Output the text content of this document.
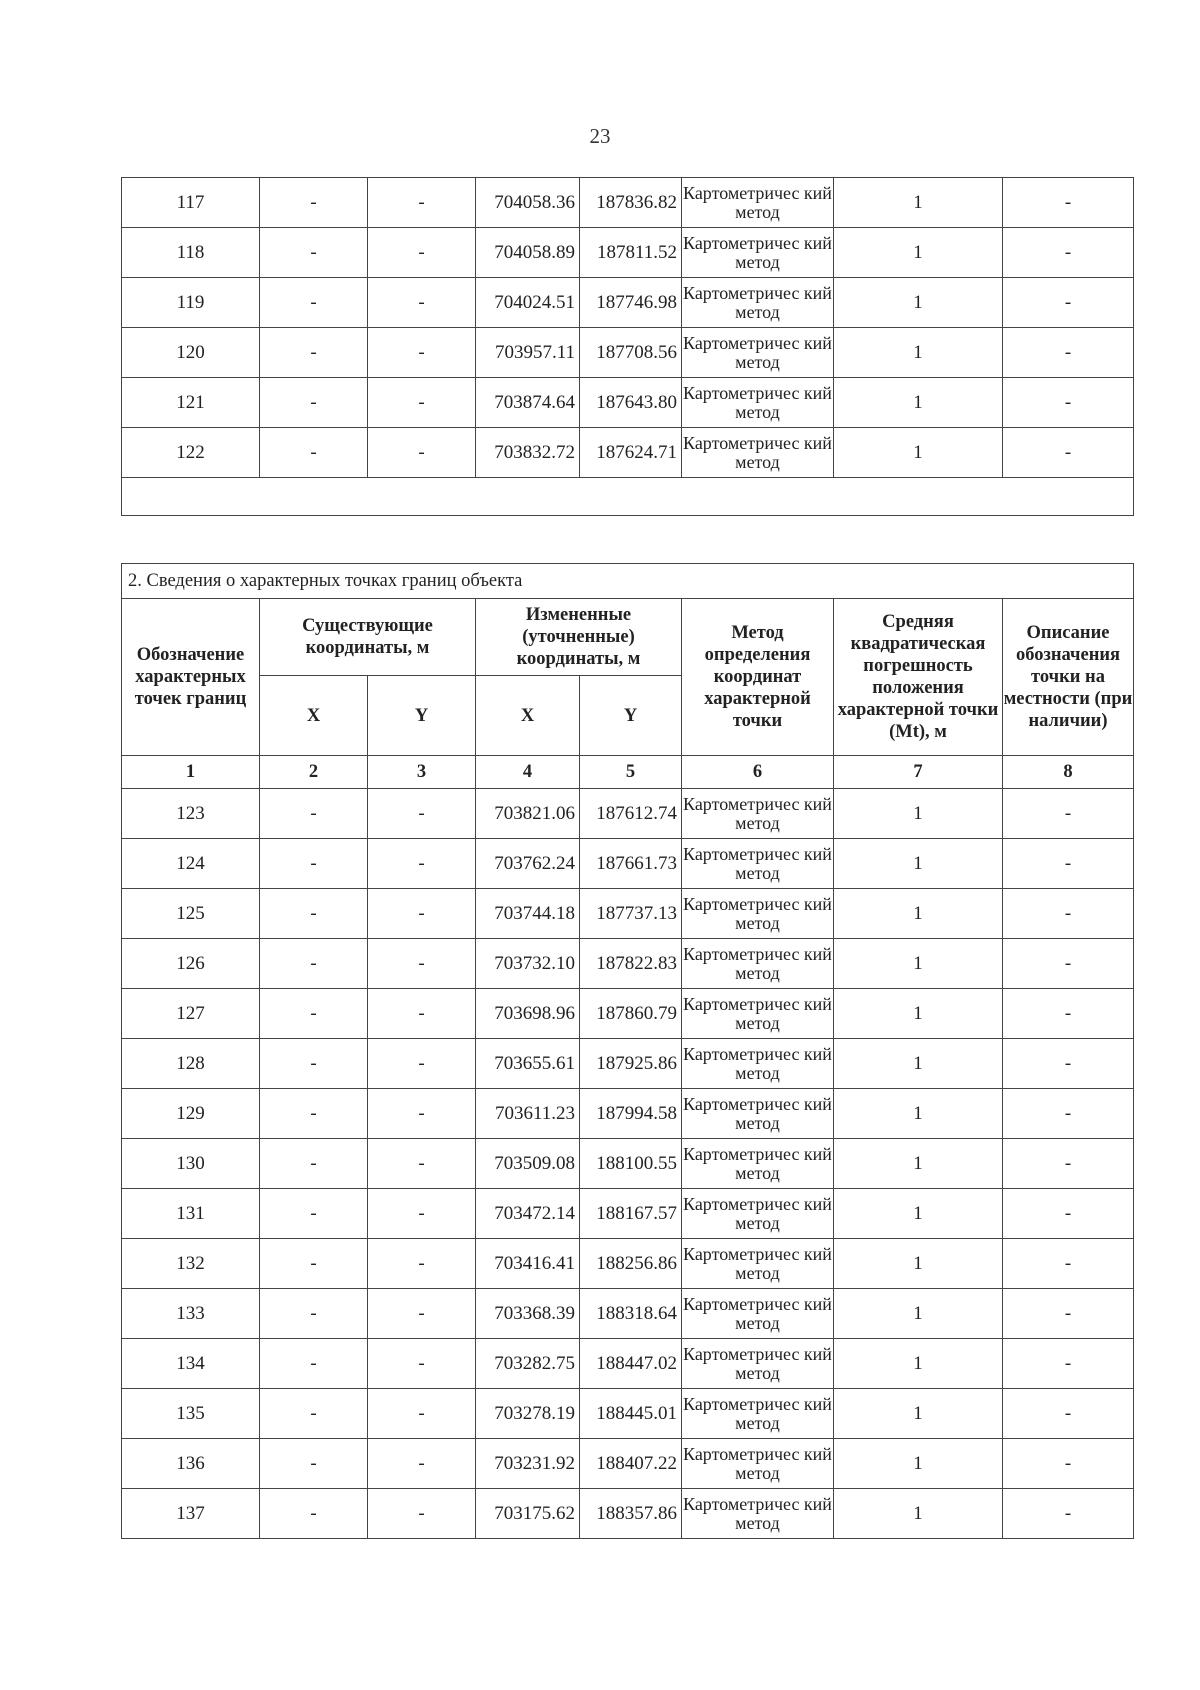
23
117	-	-	704058.36	187836.82	Картометричес кий метод	1	-
118	-	-	704058.89	187811.52	Картометричес кий метод	1	-
119	-	-	704024.51	187746.98	Картометричес кий метод	1	-
120	-	-	703957.11	187708.56	Картометричес кий метод	1	-
121	-	-	703874.64	187643.80	Картометричес кий метод	1	-
122	-	-	703832.72	187624.71	Картометричес кий метод	1	-

2. Сведения о характерных точках границ объекта							
Обозначение характерных точек границ	Существующие координаты, м		Измененные (уточненные) координаты, м		Метод определения координат характерной точки	Средняя квадратическая погрешность положения характерной точки (Mt), м	Описание обозначения точки на местности (при наличии)
	X	Y	X	Y			
1	2	3	4	5	6	7	8
123	-	-	703821.06	187612.74	Картометричес кий метод	1	-
124	-	-	703762.24	187661.73	Картометричес кий метод	1	-
125	-	-	703744.18	187737.13	Картометричес кий метод	1	-
126	-	-	703732.10	187822.83	Картометричес кий метод	1	-
127	-	-	703698.96	187860.79	Картометричес кий метод	1	-
128	-	-	703655.61	187925.86	Картометричес кий метод	1	-
129	-	-	703611.23	187994.58	Картометричес кий метод	1	-
130	-	-	703509.08	188100.55	Картометричес кий метод	1	-
131	-	-	703472.14	188167.57	Картометричес кий метод	1	-
132	-	-	703416.41	188256.86	Картометричес кий метод	1	-
133	-	-	703368.39	188318.64	Картометричес кий метод	1	-
134	-	-	703282.75	188447.02	Картометричес кий метод	1	-
135	-	-	703278.19	188445.01	Картометричес кий метод	1	-
136	-	-	703231.92	188407.22	Картометричес кий метод	1	-
137	-	-	703175.62	188357.86	Картометричес кий метод	1	-
